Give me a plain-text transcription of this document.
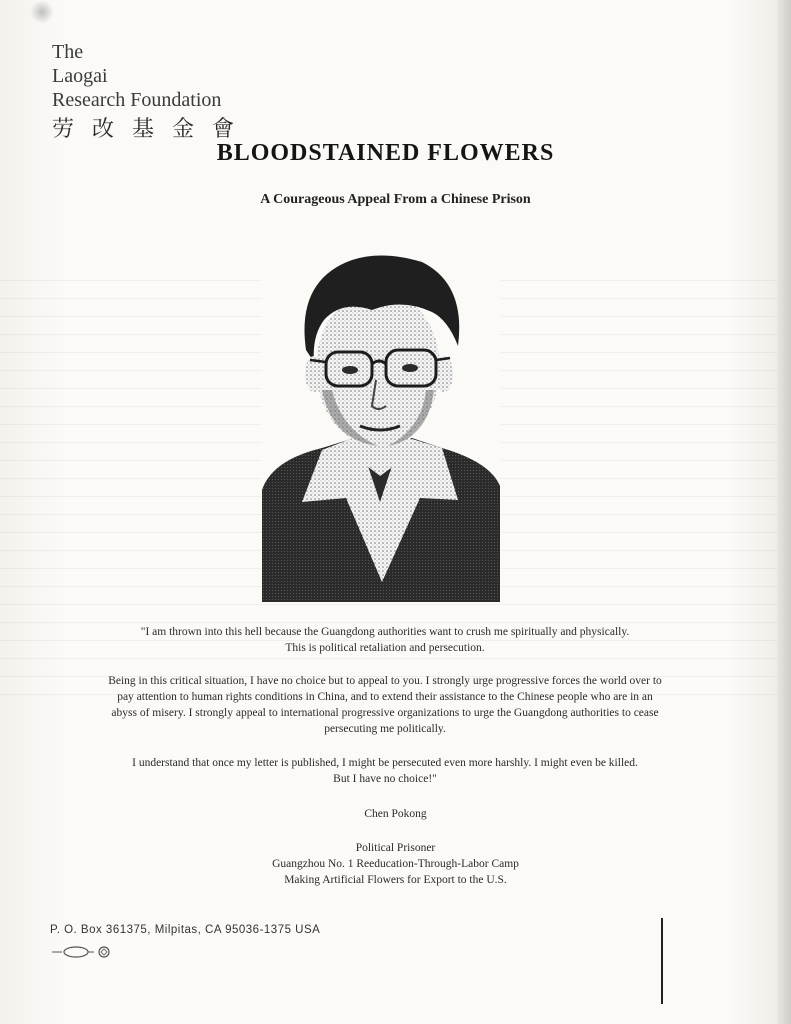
The
Laogai
Research Foundation
劳改基金會
BLOODSTAINED FLOWERS
A Courageous Appeal From a Chinese Prison
"I am thrown into this hell because the Guangdong authorities want to crush me spiritually and physically.
This is political retaliation and persecution.
Being in this critical situation, I have no choice but to appeal to you. I strongly urge progressive forces the world over to
pay attention to human rights conditions in China, and to extend their assistance to the Chinese people who are in an
abyss of misery. I strongly appeal to international progressive organizations to urge the Guangdong authorities to cease
persecuting me politically.
I understand that once my letter is published, I might be persecuted even more harshly. I might even be killed.
But I have no choice!"
Chen Pokong
Political Prisoner
Guangzhou No. 1 Reeducation-Through-Labor Camp
Making Artificial Flowers for Export to the U.S.
P. O. Box 361375, Milpitas, CA 95036-1375 USA
